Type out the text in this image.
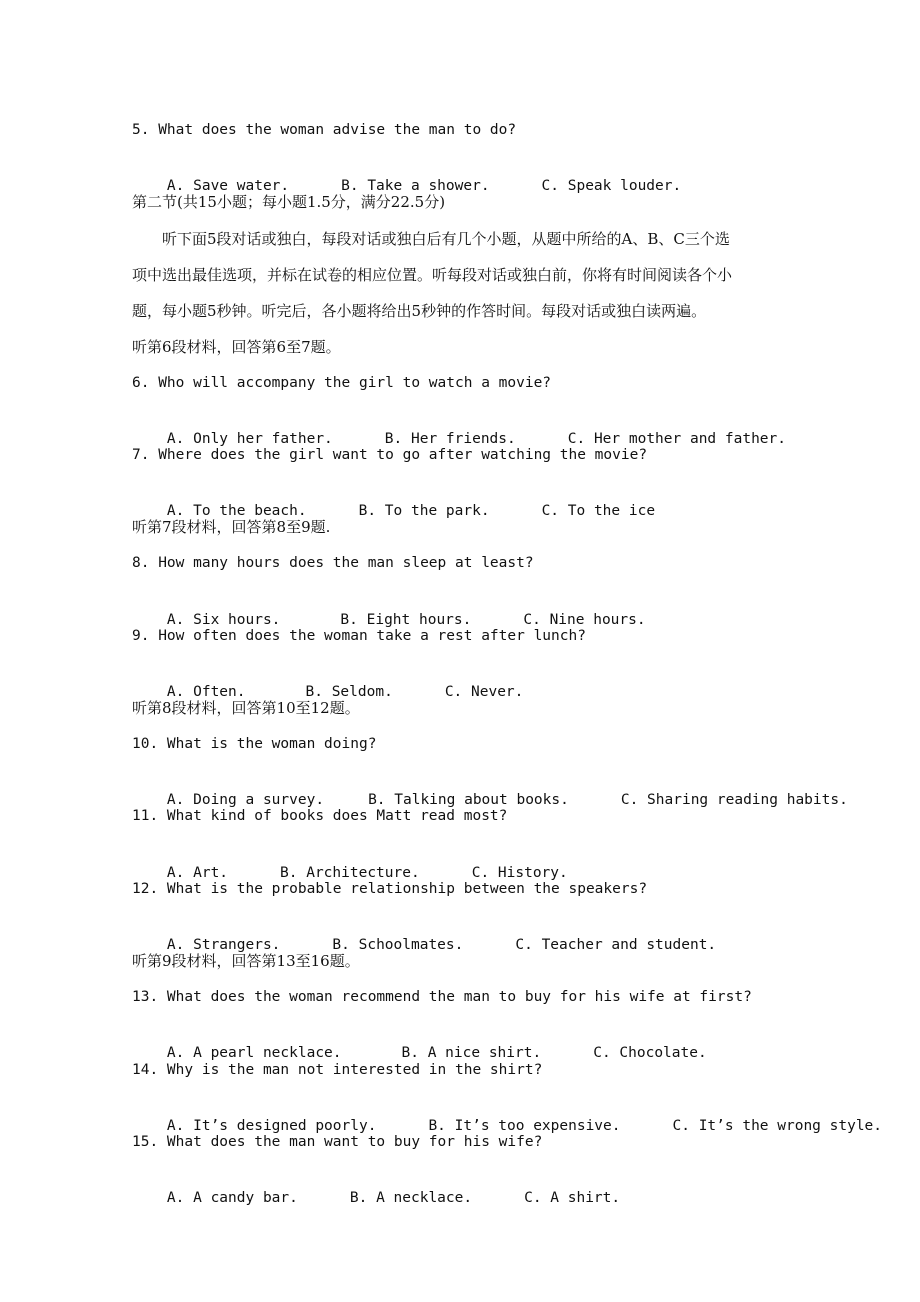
5. What does the woman advise the man to do?

A. Save water.	B. Take a shower.	C. Speak louder.

第二节(共15小题；每小题1.5分，满分22.5分)
听下面5段对话或独白，每段对话或独白后有几个小题，从题中所给的A、B、C三个选
项中选出最佳选项，并标在试卷的相应位置。听每段对话或独白前，你将有时间阅读各个小
题，每小题5秒钟。听完后，各小题将给出5秒钟的作答时间。每段对话或独白读两遍。
听第6段材料，回答第6至7题。
6. Who will accompany the girl to watch a movie?

A. Only her father.	B. Her friends.	C. Her mother and father.

7. Where does the girl want to go after watching the movie?

A. To the beach.	B. To the park.	C. To the ice

听第7段材料，回答第8至9题.
8. How many hours does the man sleep at least?

A. Six hours.	B. Eight hours.	C. Nine hours.

9. How often does the woman take a rest after lunch?

A. Often.	B. Seldom.	C. Never.

听第8段材料，回答第10至12题。
10. What is the woman doing?

A. Doing a survey.	B. Talking about books.	C. Sharing reading habits.

11. What kind of books does Matt read most?

A. Art.	B. Architecture.	C. History.

12. What is the probable relationship between the speakers?

A. Strangers.	B. Schoolmates.	C. Teacher and student.

听第9段材料，回答第13至16题。
13. What does the woman recommend the man to buy for his wife at first?

A. A pearl necklace.	B. A nice shirt.	C. Chocolate.

14. Why is the man not interested in the shirt?

A. It’s designed poorly.	B. It’s too expensive.	C. It’s the wrong style.

15. What does the man want to buy for his wife?

A. A candy bar.	B. A necklace.	C. A shirt.
